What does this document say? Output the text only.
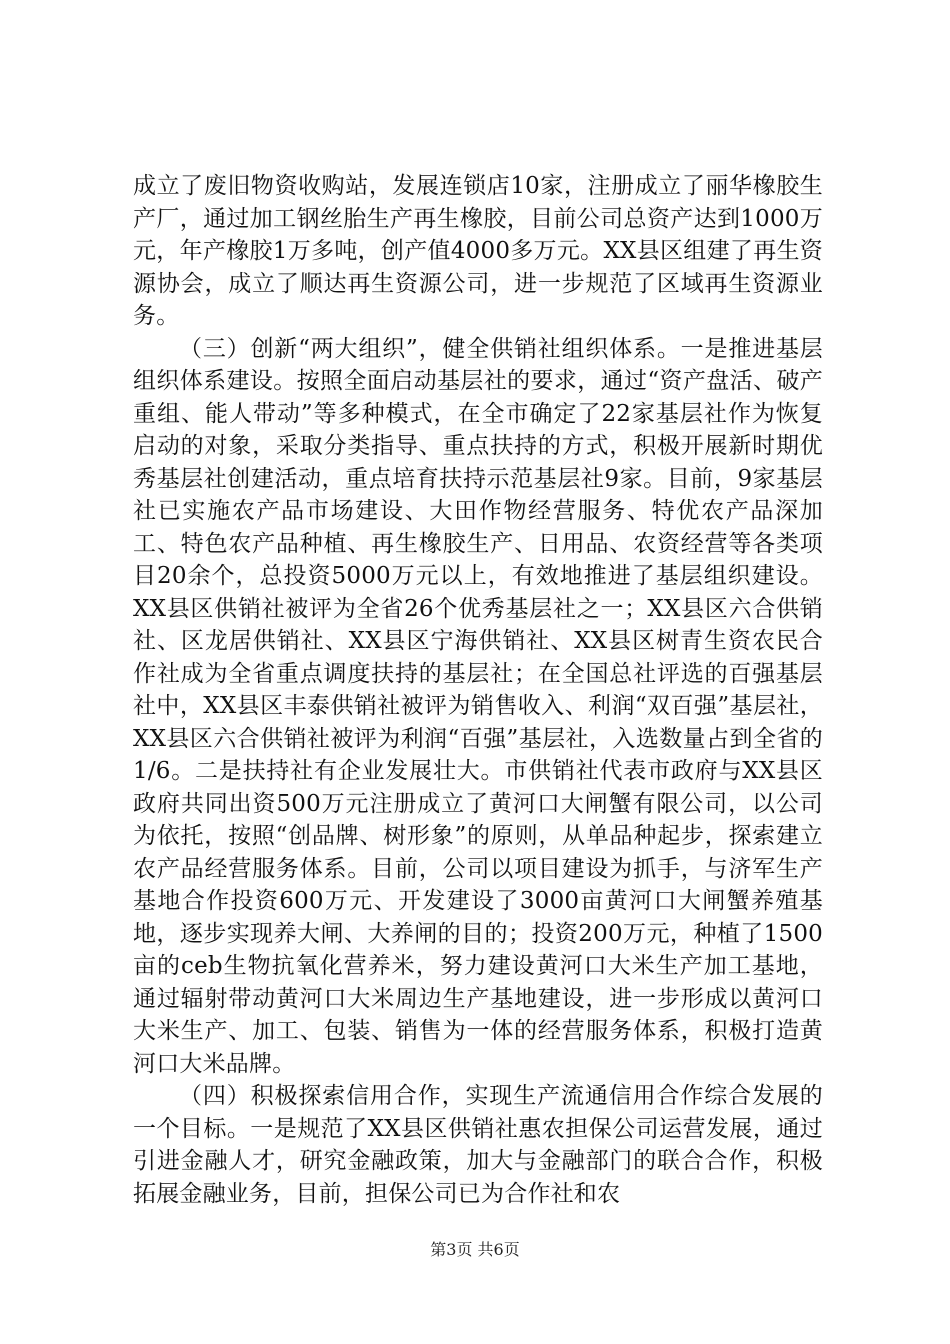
成立了废旧物资收购站，发展连锁店10家，注册成立了丽华橡胶生产厂，通过加工钢丝胎生产再生橡胶，目前公司总资产达到1000万元，年产橡胶1万多吨，创产值4000多万元。XX县区组建了再生资源协会，成立了顺达再生资源公司，进一步规范了区域再生资源业务。

（三）创新“两大组织”，健全供销社组织体系。一是推进基层组织体系建设。按照全面启动基层社的要求，通过“资产盘活、破产重组、能人带动”等多种模式，在全市确定了22家基层社作为恢复启动的对象，采取分类指导、重点扶持的方式，积极开展新时期优秀基层社创建活动，重点培育扶持示范基层社9家。目前，9家基层社已实施农产品市场建设、大田作物经营服务、特优农产品深加工、特色农产品种植、再生橡胶生产、日用品、农资经营等各类项目20余个，总投资5000万元以上，有效地推进了基层组织建设。XX县区供销社被评为全省26个优秀基层社之一；XX县区六合供销社、区龙居供销社、XX县区宁海供销社、XX县区树青生资农民合作社成为全省重点调度扶持的基层社；在全国总社评选的百强基层社中，XX县区丰泰供销社被评为销售收入、利润“双百强”基层社，XX县区六合供销社被评为利润“百强”基层社，入选数量占到全省的1/6。二是扶持社有企业发展壮大。市供销社代表市政府与XX县区政府共同出资500万元注册成立了黄河口大闸蟹有限公司，以公司为依托，按照“创品牌、树形象”的原则，从单品种起步，探索建立农产品经营服务体系。目前，公司以项目建设为抓手，与济军生产基地合作投资600万元、开发建设了3000亩黄河口大闸蟹养殖基地，逐步实现养大闸、大养闸的目的；投资200万元，种植了1500亩的ceb生物抗氧化营养米，努力建设黄河口大米生产加工基地，通过辐射带动黄河口大米周边生产基地建设，进一步形成以黄河口大米生产、加工、包装、销售为一体的经营服务体系，积极打造黄河口大米品牌。

（四）积极探索信用合作，实现生产流通信用合作综合发展的一个目标。一是规范了XX县区供销社惠农担保公司运营发展，通过引进金融人才，研究金融政策，加大与金融部门的联合合作，积极拓展金融业务，目前，担保公司已为合作社和农

第3页 共6页
